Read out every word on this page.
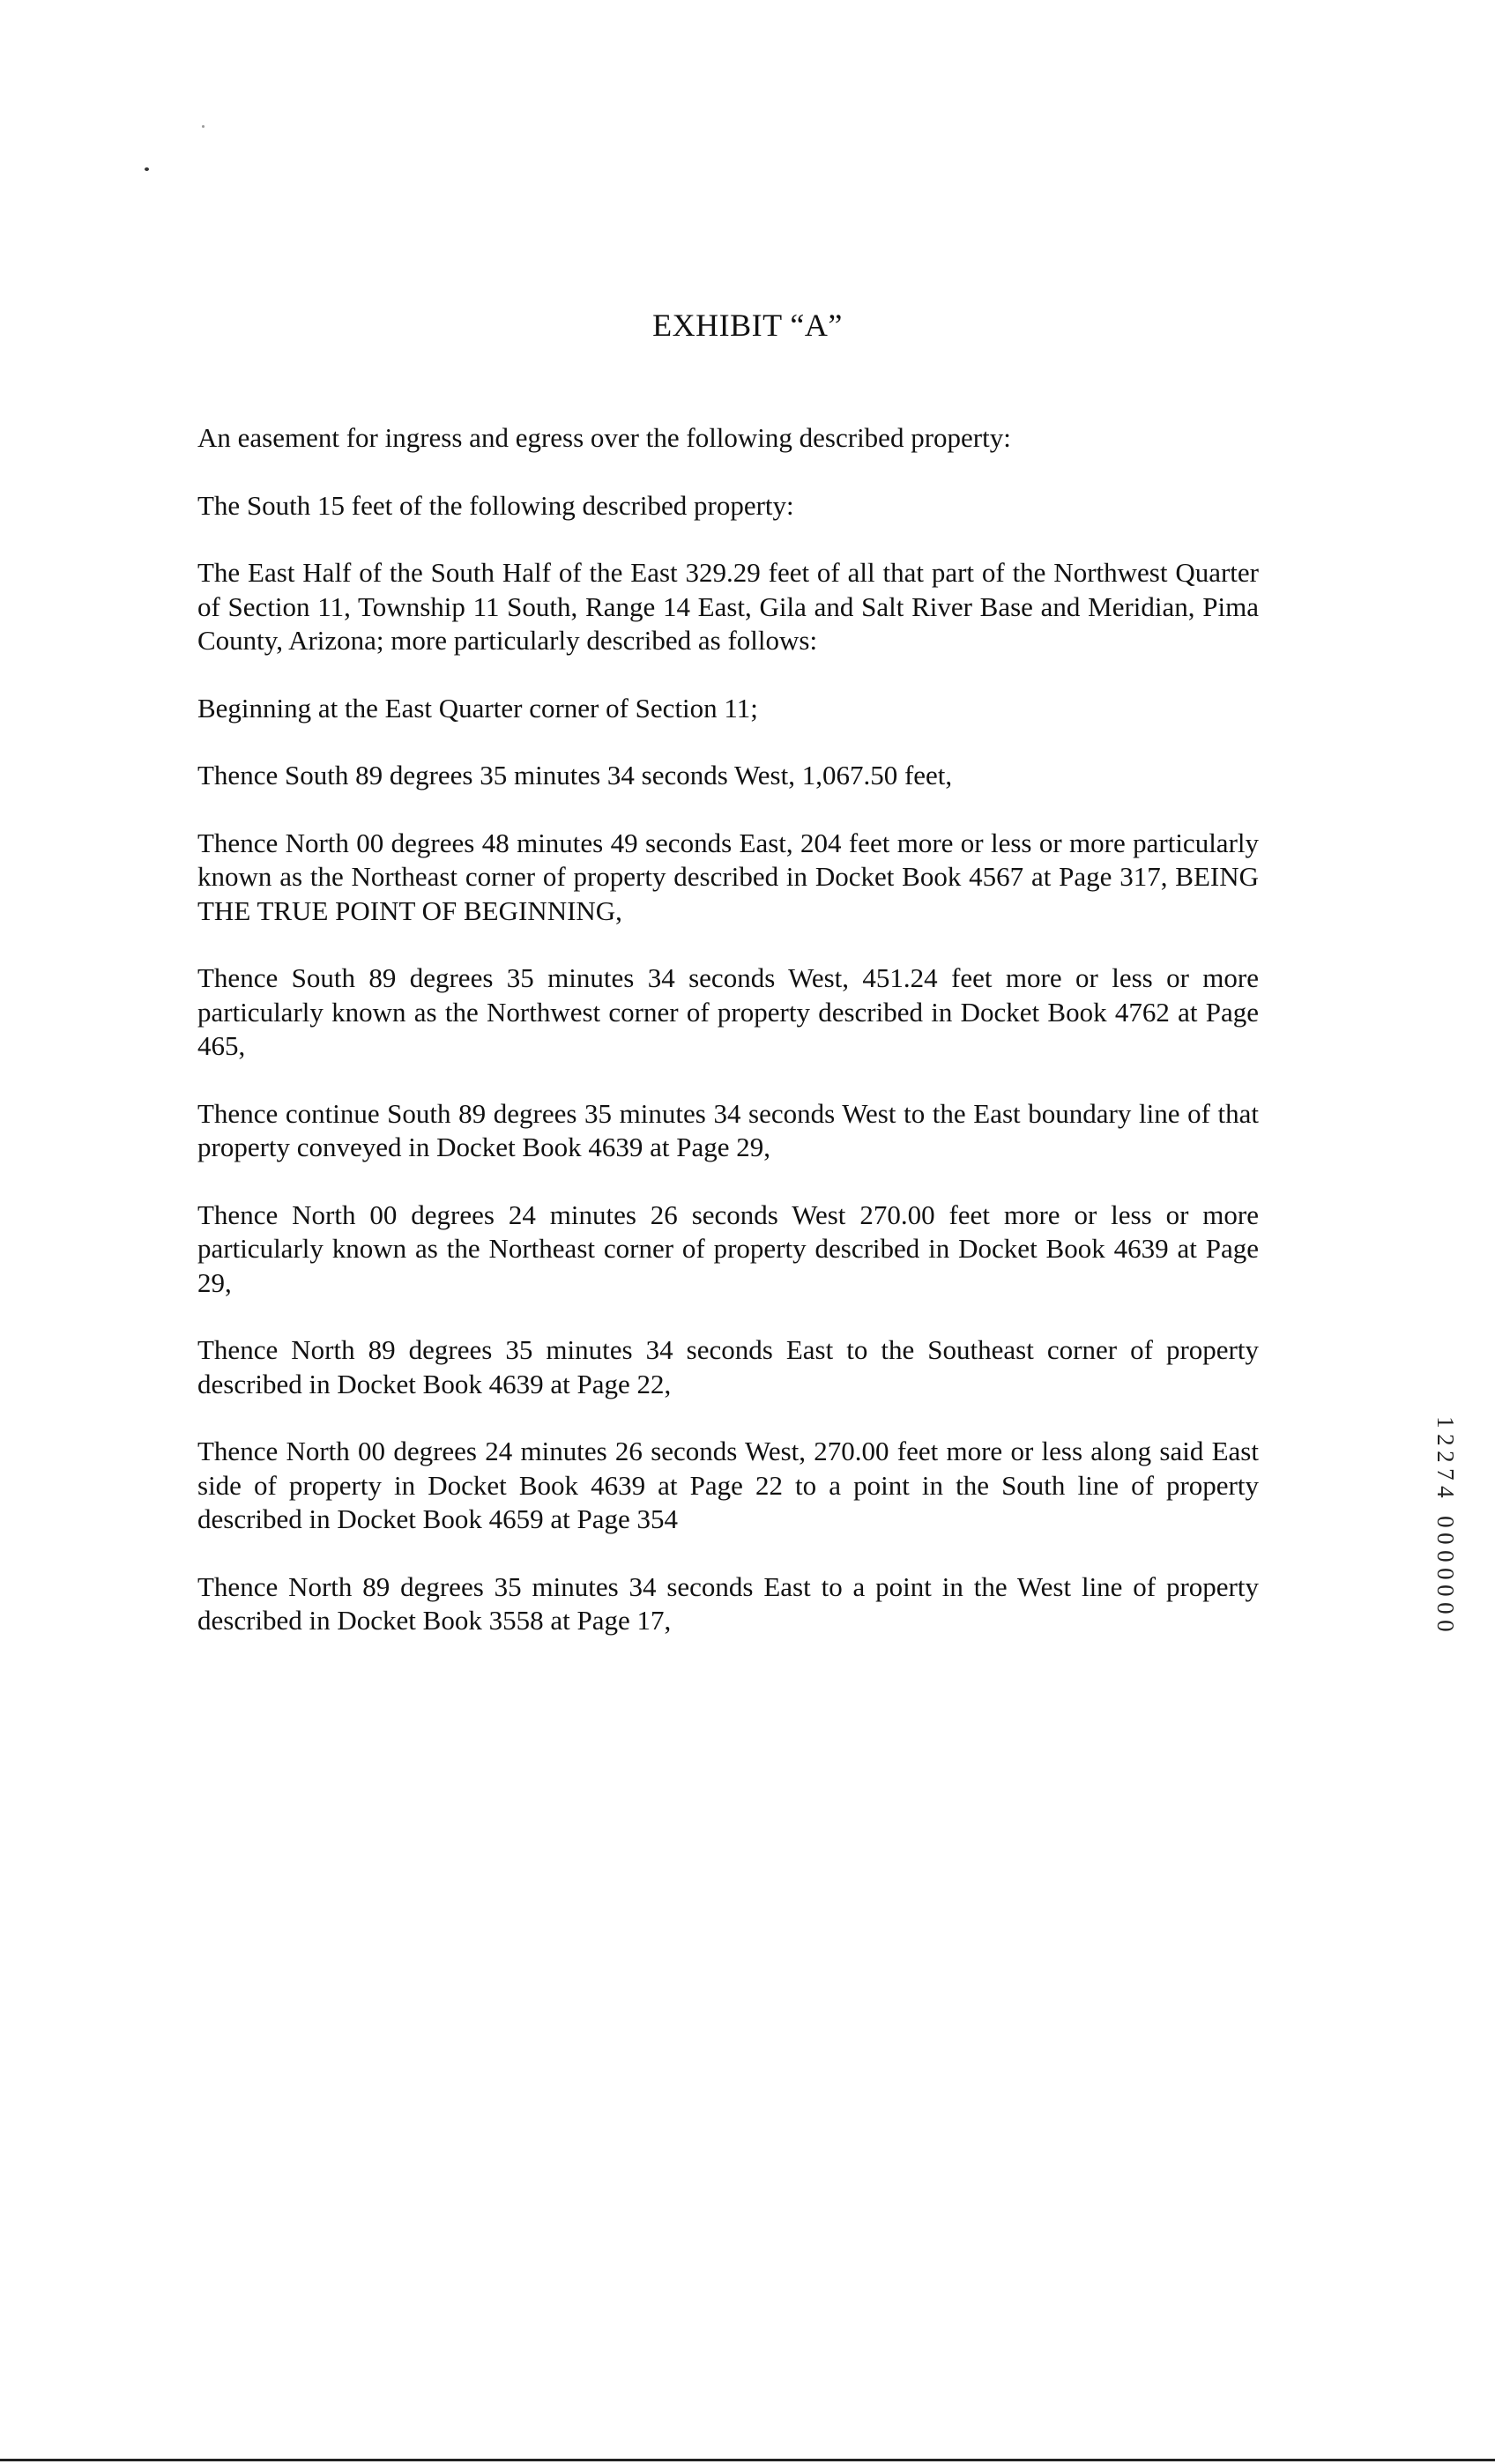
EXHIBIT “A”

An easement for ingress and egress over the following described property:

The South 15 feet of the following described property:

The East Half of the South Half of the East 329.29 feet of all that part of the Northwest Quarter of Section 11, Township 11 South, Range 14 East, Gila and Salt River Base and Meridian, Pima County, Arizona; more particularly described as follows:

Beginning at the East Quarter corner of Section 11;

Thence South 89 degrees 35 minutes 34 seconds West, 1,067.50 feet,

Thence North 00 degrees 48 minutes 49 seconds East, 204 feet more or less or more particularly known as the Northeast corner of property described in Docket Book 4567 at Page 317, BEING THE TRUE POINT OF BEGINNING,

Thence South 89 degrees 35 minutes 34 seconds West, 451.24 feet more or less or more particularly known as the Northwest corner of property described in Docket Book 4762 at Page 465,

Thence continue South 89 degrees 35 minutes 34 seconds West to the East boundary line of that property conveyed in Docket Book 4639 at Page 29,

Thence North 00 degrees 24 minutes 26 seconds West 270.00 feet more or less or more particularly known as the Northeast corner of property described in Docket Book 4639 at Page 29,

Thence North 89 degrees 35 minutes 34 seconds East to the Southeast corner of property described in Docket Book 4639 at Page 22,

Thence North 00 degrees 24 minutes 26 seconds West, 270.00 feet more or less along said East side of property in Docket Book 4639 at Page 22 to a point in the South line of property described in Docket Book 4659 at Page 354

Thence North 89 degrees 35 minutes 34 seconds East to a point in the West line of property described in Docket Book 3558 at Page 17,

1
2
2
7
4
0
0
0
0
0
0
0
